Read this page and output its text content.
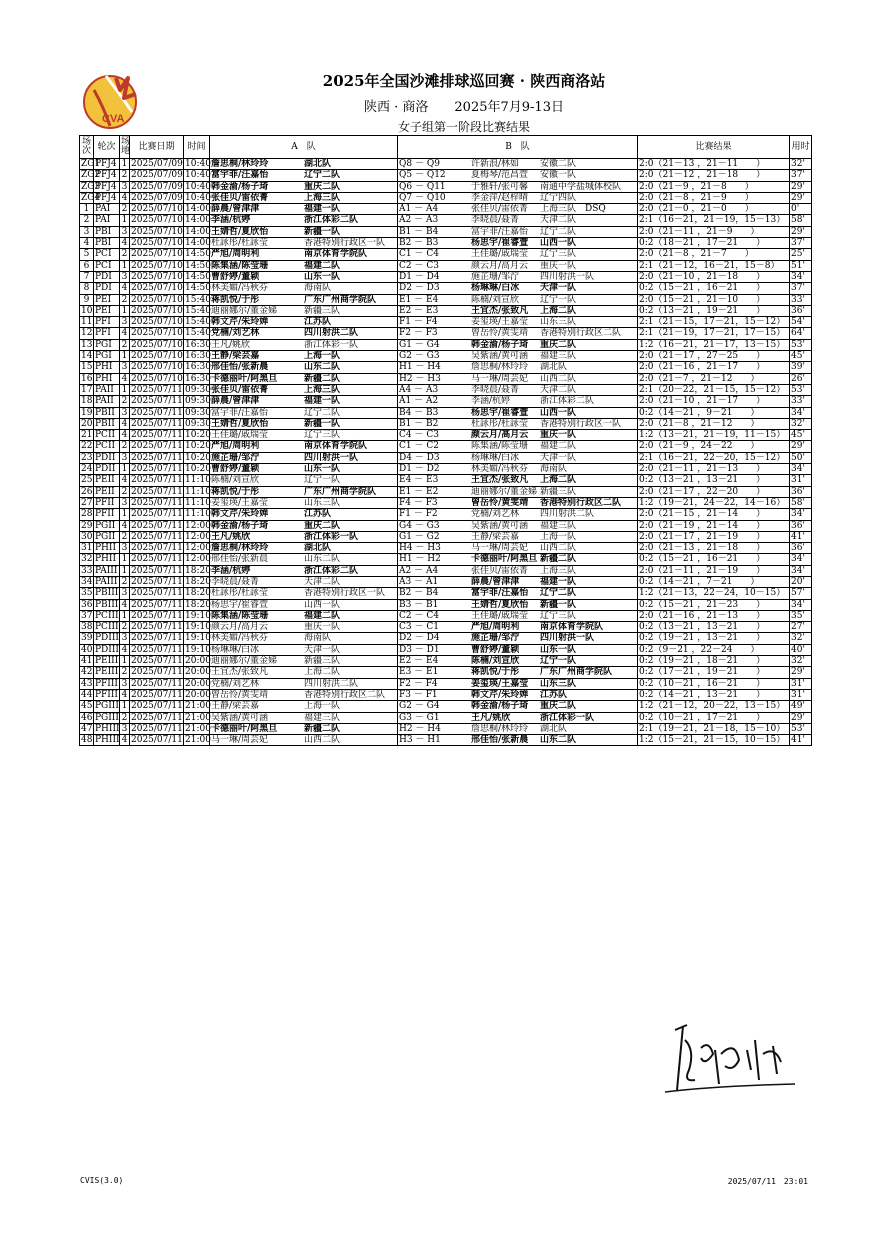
CVA
2025年全国沙滩排球巡回赛 · 陕西商洛站
陕西 · 商洛　　2025年7月9-13日
女子组第一阶段比赛结果
场次	轮次	场地	比赛日期	时间	A　队	B　队	比赛结果	用时
ZG1	PFJ4	1	2025/07/09	10:40	詹思桐/林玲玲 湖北队	Q8 － Q9 许新浪/林如 安徽二队	2:0（21－13 ，21－11　　）	32'
ZG2	PFJ4	2	2025/07/09	10:40	富宇菲/汪嘉怡 辽宁二队	Q5 － Q12 夏梅琴/范昌萱 安徽一队	2:0（21－12 ，21－18　　）	37'
ZG3	PFJ4	3	2025/07/09	10:40	韩金渝/杨子琦 重庆二队	Q6 － Q11 于雅轩/张可馨 南通中学盐城体校队	2:0（21－9 ，21－8　　）	29'
ZG4	PFJ4	4	2025/07/09	10:40	张佳贝/雷依菁 上海三队	Q7 － Q10 李金萍/赵梓晴 辽宁四队	2:0（21－8 ，21－9　　）	29'
1	PAI	2	2025/07/10	14:00	薛晨/曾津津 福建一队	A1 － A4 张佳贝/雷依菁 上海三队　DSQ	2:0（21－0 ，21－0　　）	0'
2	PAI	1	2025/07/10	14:00	李涵/杭婷 浙江体彩二队	A2 － A3 李晓晨/聂菁 天津二队	2:1（16－21，21－19，15－13）	58'
3	PBI	3	2025/07/10	14:00	王婧哲/夏欣怡 新疆一队	B1 － B4 富宇菲/汪嘉怡 辽宁二队	2:0（21－11 ，21－9　　）	29'
4	PBI	4	2025/07/10	14:00	杜詠彤/杜詠莹 香港特别行政区一队	B2 － B3 杨思宇/崔睿萱 山西一队	0:2（18－21 ，17－21　　）	37'
5	PCI	2	2025/07/10	14:50	严旭/周明利 南京体育学院队	C1 － C4 王佳璐/戚瑞莹 辽宁三队	2:0（21－8 ，21－7　　）	25'
6	PCI	1	2025/07/10	14:50	陈集涵/陈莹珊 福建二队	C2 － C3 颜云月/高月云 重庆一队	2:1（21－12，16－21，15－8）	51'
7	PDI	3	2025/07/10	14:50	曹舒婷/董颖 山东一队	D1 － D4 施芷珊/邹泞 四川射洪一队	2:0（21－10 ，21－18　　）	34'
8	PDI	4	2025/07/10	14:50	林美媚/冯秋芬 海南队	D2 － D3 杨琳琳/白冰 天津一队	0:2（15－21 ，16－21　　）	37'
9	PEI	2	2025/07/10	15:40	蒋凯悦/于彤 广东广州商学院队	E1 － E4 陈楠/刘宣欣 辽宁一队	2:0（15－21 ，21－10　　）	33'
10	PEI	1	2025/07/10	15:40	迪丽娜尔/董金娣 新疆三队	E2 － E3 王宜杰/张致凡 上海二队	0:2（13－21 ，19－21　　）	36'
11	PFI	3	2025/07/10	15:40	韩文芹/朱玲婵 江苏队	F1 － F4 姜玺瑛/王嘉莹 山东三队	2:1（21－15，17－21，15－12）	54'
12	PFI	4	2025/07/10	15:40	党楠/刘艺林 四川射洪二队	F2 － F3 曾岳怜/黄雯靖 香港特别行政区二队	2:1（21－19，17－21，17－15）	64'
13	PGI	2	2025/07/10	16:30	王凡/姚欣 浙江体彩一队	G1 － G4 韩金渝/杨子琦 重庆二队	1:2（16－21，21－17，13－15）	53'
14	PGI	1	2025/07/10	16:30	王静/梁芸嘉 上海一队	G2 － G3 吴紫涵/黄可涵 福建三队	2:0（21－17 ，27－25　　）	45'
15	PHI	3	2025/07/10	16:30	邢佳怡/张新晨 山东二队	H1 － H4 詹思桐/林玲玲 湖北队	2:0（21－16 ，21－17　　）	39'
16	PHI	4	2025/07/10	16:30	卡德丽叶/阿黑旦 新疆二队	H2 － H3 马一琳/周芸妃 山西二队	2:0（21－7 ，21－12　　）	26'
17	PAII	1	2025/07/11	09:30	张佳贝/雷依菁 上海三队	A4 － A3 李晓晨/聂菁 天津二队	2:1（20－22，21－15，15－12）	53'
18	PAII	2	2025/07/11	09:30	薛晨/曾津津 福建一队	A1 － A2 李涵/杭婷 浙江体彩二队	2:0（21－10 ，21－17　　）	33'
19	PBII	3	2025/07/11	09:30	富宇菲/汪嘉怡 辽宁二队	B4 － B3 杨思宇/崔睿萱 山西一队	0:2（14－21 ，9－21　　）	34'
20	PBII	4	2025/07/11	09:30	王婧哲/夏欣怡 新疆一队	B1 － B2 杜詠彤/杜詠莹 香港特别行政区一队	2:0（21－8 ，21－12　　）	32'
21	PCII	4	2025/07/11	10:20	王佳璐/戚瑞莹 辽宁三队	C4 － C3 颜云月/高月云 重庆一队	1:2（13－21，21－19，11－15）	45'
22	PCII	2	2025/07/11	10:20	严旭/周明利 南京体育学院队	C1 － C2 陈集涵/陈莹珊 福建二队	2:0（21－9 ，24－22　　）	29'
23	PDII	3	2025/07/11	10:20	施芷珊/邹泞 四川射洪一队	D4 － D3 杨琳琳/白冰 天津一队	2:1（16－21，22－20，15－12）	50'
24	PDII	1	2025/07/11	10:20	曹舒婷/董颖 山东一队	D1 － D2 林美媚/冯秋芬 海南队	2:0（21－11 ，21－13　　）	34'
25	PEII	4	2025/07/11	11:10	陈楠/刘宣欣 辽宁一队	E4 － E3 王宜杰/张致凡 上海二队	0:2（13－21 ，13－21　　）	31'
26	PEII	2	2025/07/11	11:10	蒋凯悦/于彤 广东广州商学院队	E1 － E2 迪丽娜尔/董金娣 新疆三队	2:0（21－17 ，22－20　　）	36'
27	PFII	3	2025/07/11	11:10	姜玺瑛/王嘉莹 山东三队	F4 － F3 曾岳怜/黄雯靖 香港特别行政区二队	1:2（19－21，24－22，14－16）	58'
28	PFII	1	2025/07/11	11:10	韩文芹/朱玲婵 江苏队	F1 － F2 党楠/刘艺林 四川射洪二队	2:0（21－15 ，21－14　　）	34'
29	PGII	4	2025/07/11	12:00	韩金渝/杨子琦 重庆二队	G4 － G3 吴紫涵/黄可涵 福建三队	2:0（21－19 ，21－14　　）	36'
30	PGII	2	2025/07/11	12:00	王凡/姚欣 浙江体彩一队	G1 － G2 王静/梁芸嘉 上海一队	2:0（21－17 ，21－19　　）	41'
31	PHII	3	2025/07/11	12:00	詹思桐/林玲玲 湖北队	H4 － H3 马一琳/周芸妃 山西二队	2:0（21－13 ，21－18　　）	36'
32	PHII	1	2025/07/11	12:00	邢佳怡/张新晨 山东二队	H1 － H2 卡德丽叶/阿黑旦 新疆二队	0:2（15－21 ，16－21　　）	34'
33	PAIII	1	2025/07/11	18:20	李涵/杭婷 浙江体彩二队	A2 － A4 张佳贝/雷依菁 上海三队	2:0（21－11 ，21－19　　）	34'
34	PAIII	2	2025/07/11	18:20	李晓晨/聂菁 天津二队	A3 － A1 薛晨/曾津津 福建一队	0:2（14－21 ，7－21　　）	20'
35	PBIII	3	2025/07/11	18:20	杜詠彤/杜詠莹 香港特别行政区一队	B2 － B4 富宇菲/汪嘉怡 辽宁二队	1:2（21－13，22－24，10－15）	57'
36	PBIII	4	2025/07/11	18:20	杨思宇/崔睿萱 山西一队	B3 － B1 王婧哲/夏欣怡 新疆一队	0:2（15－21 ，21－23　　）	34'
37	PCIII	1	2025/07/11	19:10	陈集涵/陈莹珊 福建二队	C2 － C4 王佳璐/戚瑞莹 辽宁三队	2:0（21－16 ，21－13　　）	35'
38	PCIII	2	2025/07/11	19:10	颜云月/高月云 重庆一队	C3 － C1 严旭/周明利 南京体育学院队	0:2（13－21 ，13－21　　）	27'
39	PDIII	3	2025/07/11	19:10	林美媚/冯秋芬 海南队	D2 － D4 施芷珊/邹泞 四川射洪一队	0:2（19－21 ，13－21　　）	32'
40	PDIII	4	2025/07/11	19:10	杨琳琳/白冰 天津一队	D3 － D1 曹舒婷/董颖 山东一队	0:2（9－21 ，22－24　　）	40'
41	PEIII	1	2025/07/11	20:00	迪丽娜尔/董金娣 新疆三队	E2 － E4 陈楠/刘宣欣 辽宁一队	0:2（19－21 ，18－21　　）	32'
42	PEIII	2	2025/07/11	20:00	王宜杰/张致凡 上海二队	E3 － E1 蒋凯悦/于彤 广东广州商学院队	0:2（17－21 ，19－21　　）	29'
43	PFIII	3	2025/07/11	20:00	党楠/刘艺林 四川射洪二队	F2 － F4 姜玺瑛/王嘉莹 山东三队	0:2（10－21 ，16－21　　）	31'
44	PFIII	4	2025/07/11	20:00	曾岳怜/黄雯靖 香港特别行政区二队	F3 － F1 韩文芹/朱玲婵 江苏队	0:2（14－21 ，13－21　　）	31'
45	PGIII	1	2025/07/11	21:00	王静/梁芸嘉 上海一队	G2 － G4 韩金渝/杨子琦 重庆二队	1:2（21－12，20－22，13－15）	49'
46	PGIII	2	2025/07/11	21:00	吴紫涵/黄可涵 福建三队	G3 － G1 王凡/姚欣 浙江体彩一队	0:2（10－21 ，17－21　　）	29'
47	PHIII	3	2025/07/11	21:00	卡德丽叶/阿黑旦 新疆二队	H2 － H4 詹思桐/林玲玲 湖北队	2:1（19－21，21－18，15－10）	53'
48	PHIII	4	2025/07/11	21:00	马一琳/周芸妃 山西二队	H3 － H1 邢佳怡/张新晨 山东二队	1:2（15－21，21－15，10－15）	41'
CVIS(3.0)	2025/07/11　23:01
